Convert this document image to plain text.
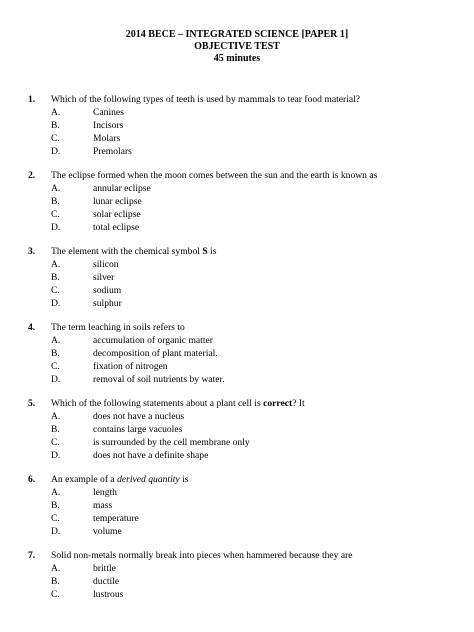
2014 BECE – INTEGRATED SCIENCE [PAPER 1]
OBJECTIVE TEST
45 minutes
1. Which of the following types of teeth is used by mammals to tear food material?
A.	Canines
B.	Incisors
C.	Molars
D.	Premolars
2. The eclipse formed when the moon comes between the sun and the earth is known as
A.	annular eclipse
B.	lunar eclipse
C.	solar eclipse
D.	total eclipse
3. The element with the chemical symbol S is
A.	silicon
B.	silver
C.	sodium
D.	sulphur
4. The term leaching in soils refers to
A.	accumulation of organic matter
B.	decomposition of plant material.
C.	fixation of nitrogen
D.	removal of soil nutrients by water.
5. Which of the following statements about a plant cell is correct? It
A.	does not have a nucleus
B.	contains large vacuoles
C.	is surrounded by the cell membrane only
D.	does not have a definite shape
6. An example of a derived quantity is
A.	length
B.	mass
C.	temperature
D.	volume
7. Solid non-metals normally break into pieces when hammered because they are
A.	brittle
B.	ductile
C.	lustrous
